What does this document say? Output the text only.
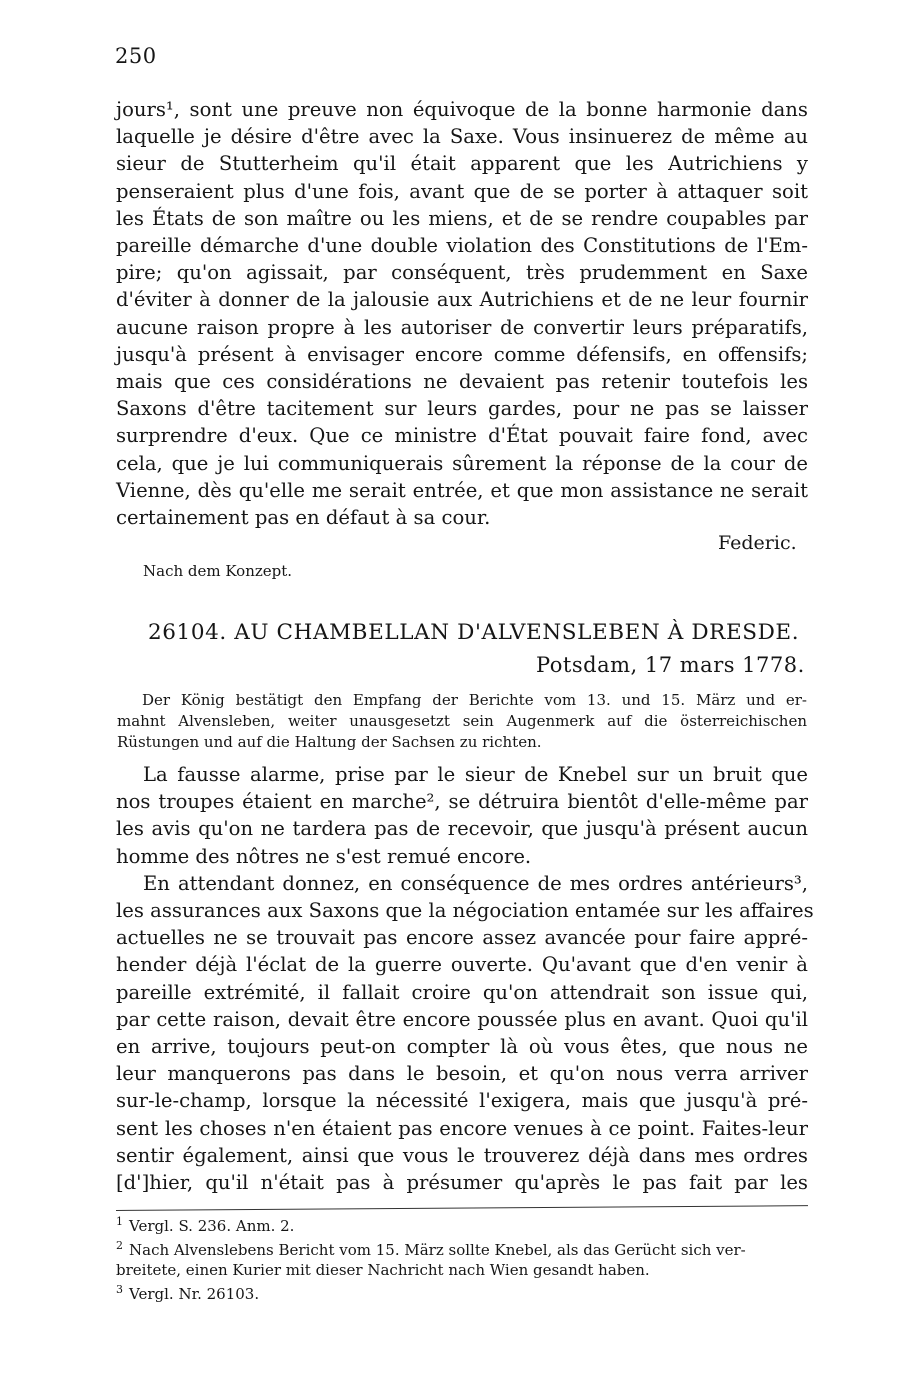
250

jours¹, sont une preuve non équivoque de la bonne harmonie dans
laquelle je désire d'être avec la Saxe. Vous insinuerez de même au
sieur de Stutterheim qu'il était apparent que les Autrichiens y
penseraient plus d'une fois, avant que de se porter à attaquer soit
les États de son maître ou les miens, et de se rendre coupables par
pareille démarche d'une double violation des Constitutions de l'Em-
pire; qu'on agissait, par conséquent, très prudemment en Saxe
d'éviter à donner de la jalousie aux Autrichiens et de ne leur fournir
aucune raison propre à les autoriser de convertir leurs préparatifs,
jusqu'à présent à envisager encore comme défensifs, en offensifs;
mais que ces considérations ne devaient pas retenir toutefois les
Saxons d'être tacitement sur leurs gardes, pour ne pas se laisser
surprendre d'eux. Que ce ministre d'État pouvait faire fond, avec
cela, que je lui communiquerais sûrement la réponse de la cour de
Vienne, dès qu'elle me serait entrée, et que mon assistance ne serait
certainement pas en défaut à sa cour.

Federic.
Nach dem Konzept.
26104. AU CHAMBELLAN D'ALVENSLEBEN À DRESDE.
Potsdam, 17 mars 1778.
Der König bestätigt den Empfang der Berichte vom 13. und 15. März und er-
mahnt Alvensleben, weiter unausgesetzt sein Augenmerk auf die österreichischen
Rüstungen und auf die Haltung der Sachsen zu richten.

La fausse alarme, prise par le sieur de Knebel sur un bruit que
nos troupes étaient en marche², se détruira bientôt d'elle-même par
les avis qu'on ne tardera pas de recevoir, que jusqu'à présent aucun
homme des nôtres ne s'est remué encore.

En attendant donnez, en conséquence de mes ordres antérieurs³,
les assurances aux Saxons que la négociation entamée sur les affaires
actuelles ne se trouvait pas encore assez avancée pour faire appré-
hender déjà l'éclat de la guerre ouverte. Qu'avant que d'en venir à
pareille extrémité, il fallait croire qu'on attendrait son issue qui,
par cette raison, devait être encore poussée plus en avant. Quoi qu'il
en arrive, toujours peut-on compter là où vous êtes, que nous ne
leur manquerons pas dans le besoin, et qu'on nous verra arriver
sur-le-champ, lorsque la nécessité l'exigera, mais que jusqu'à pré-
sent les choses n'en étaient pas encore venues à ce point. Faites-leur
sentir également, ainsi que vous le trouverez déjà dans mes ordres
[d']hier, qu'il n'était pas à présumer qu'après le pas fait par les

$^1$ Vergl. S. 236. Anm. 2.
$^2$ Nach Alvenslebens Bericht vom 15. März sollte Knebel, als das Gerücht sich ver-
breitete, einen Kurier mit dieser Nachricht nach Wien gesandt haben.
$^3$ Vergl. Nr. 26103.
